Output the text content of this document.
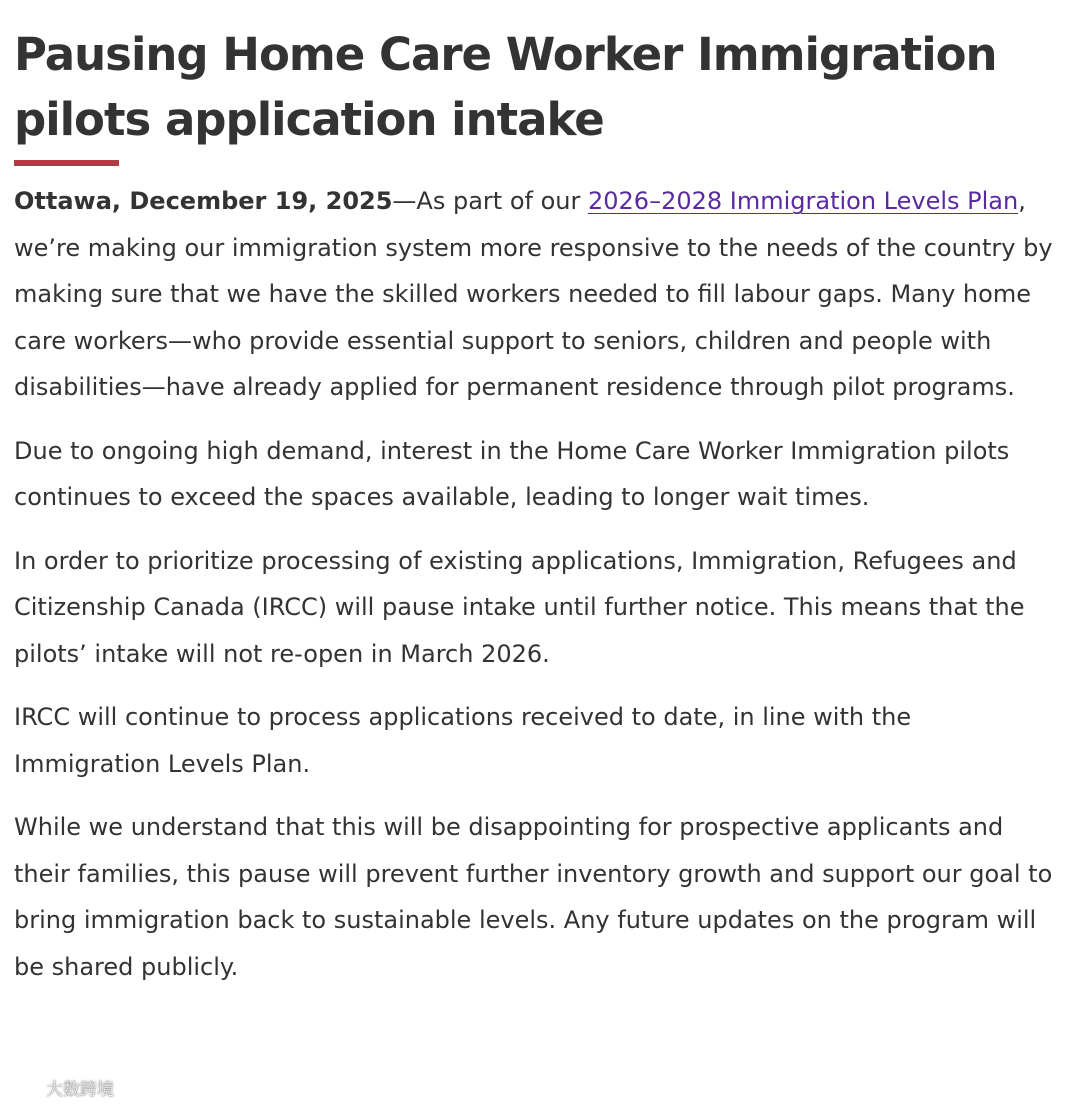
Pausing Home Care Worker Immigration pilots application intake

Ottawa, December 19, 2025—As part of our 2026–2028 Immigration Levels Plan, we’re making our immigration system more responsive to the needs of the country by making sure that we have the skilled workers needed to fill labour gaps. Many home care workers—who provide essential support to seniors, children and people with disabilities—have already applied for permanent residence through pilot programs.

Due to ongoing high demand, interest in the Home Care Worker Immigration pilots continues to exceed the spaces available, leading to longer wait times.

In order to prioritize processing of existing applications, Immigration, Refugees and Citizenship Canada (IRCC) will pause intake until further notice. This means that the pilots’ intake will not re-open in March 2026.

IRCC will continue to process applications received to date, in line with the Immigration Levels Plan.

While we understand that this will be disappointing for prospective applicants and their families, this pause will prevent further inventory growth and support our goal to bring immigration back to sustainable levels. Any future updates on the program will be shared publicly.

大数跨境
